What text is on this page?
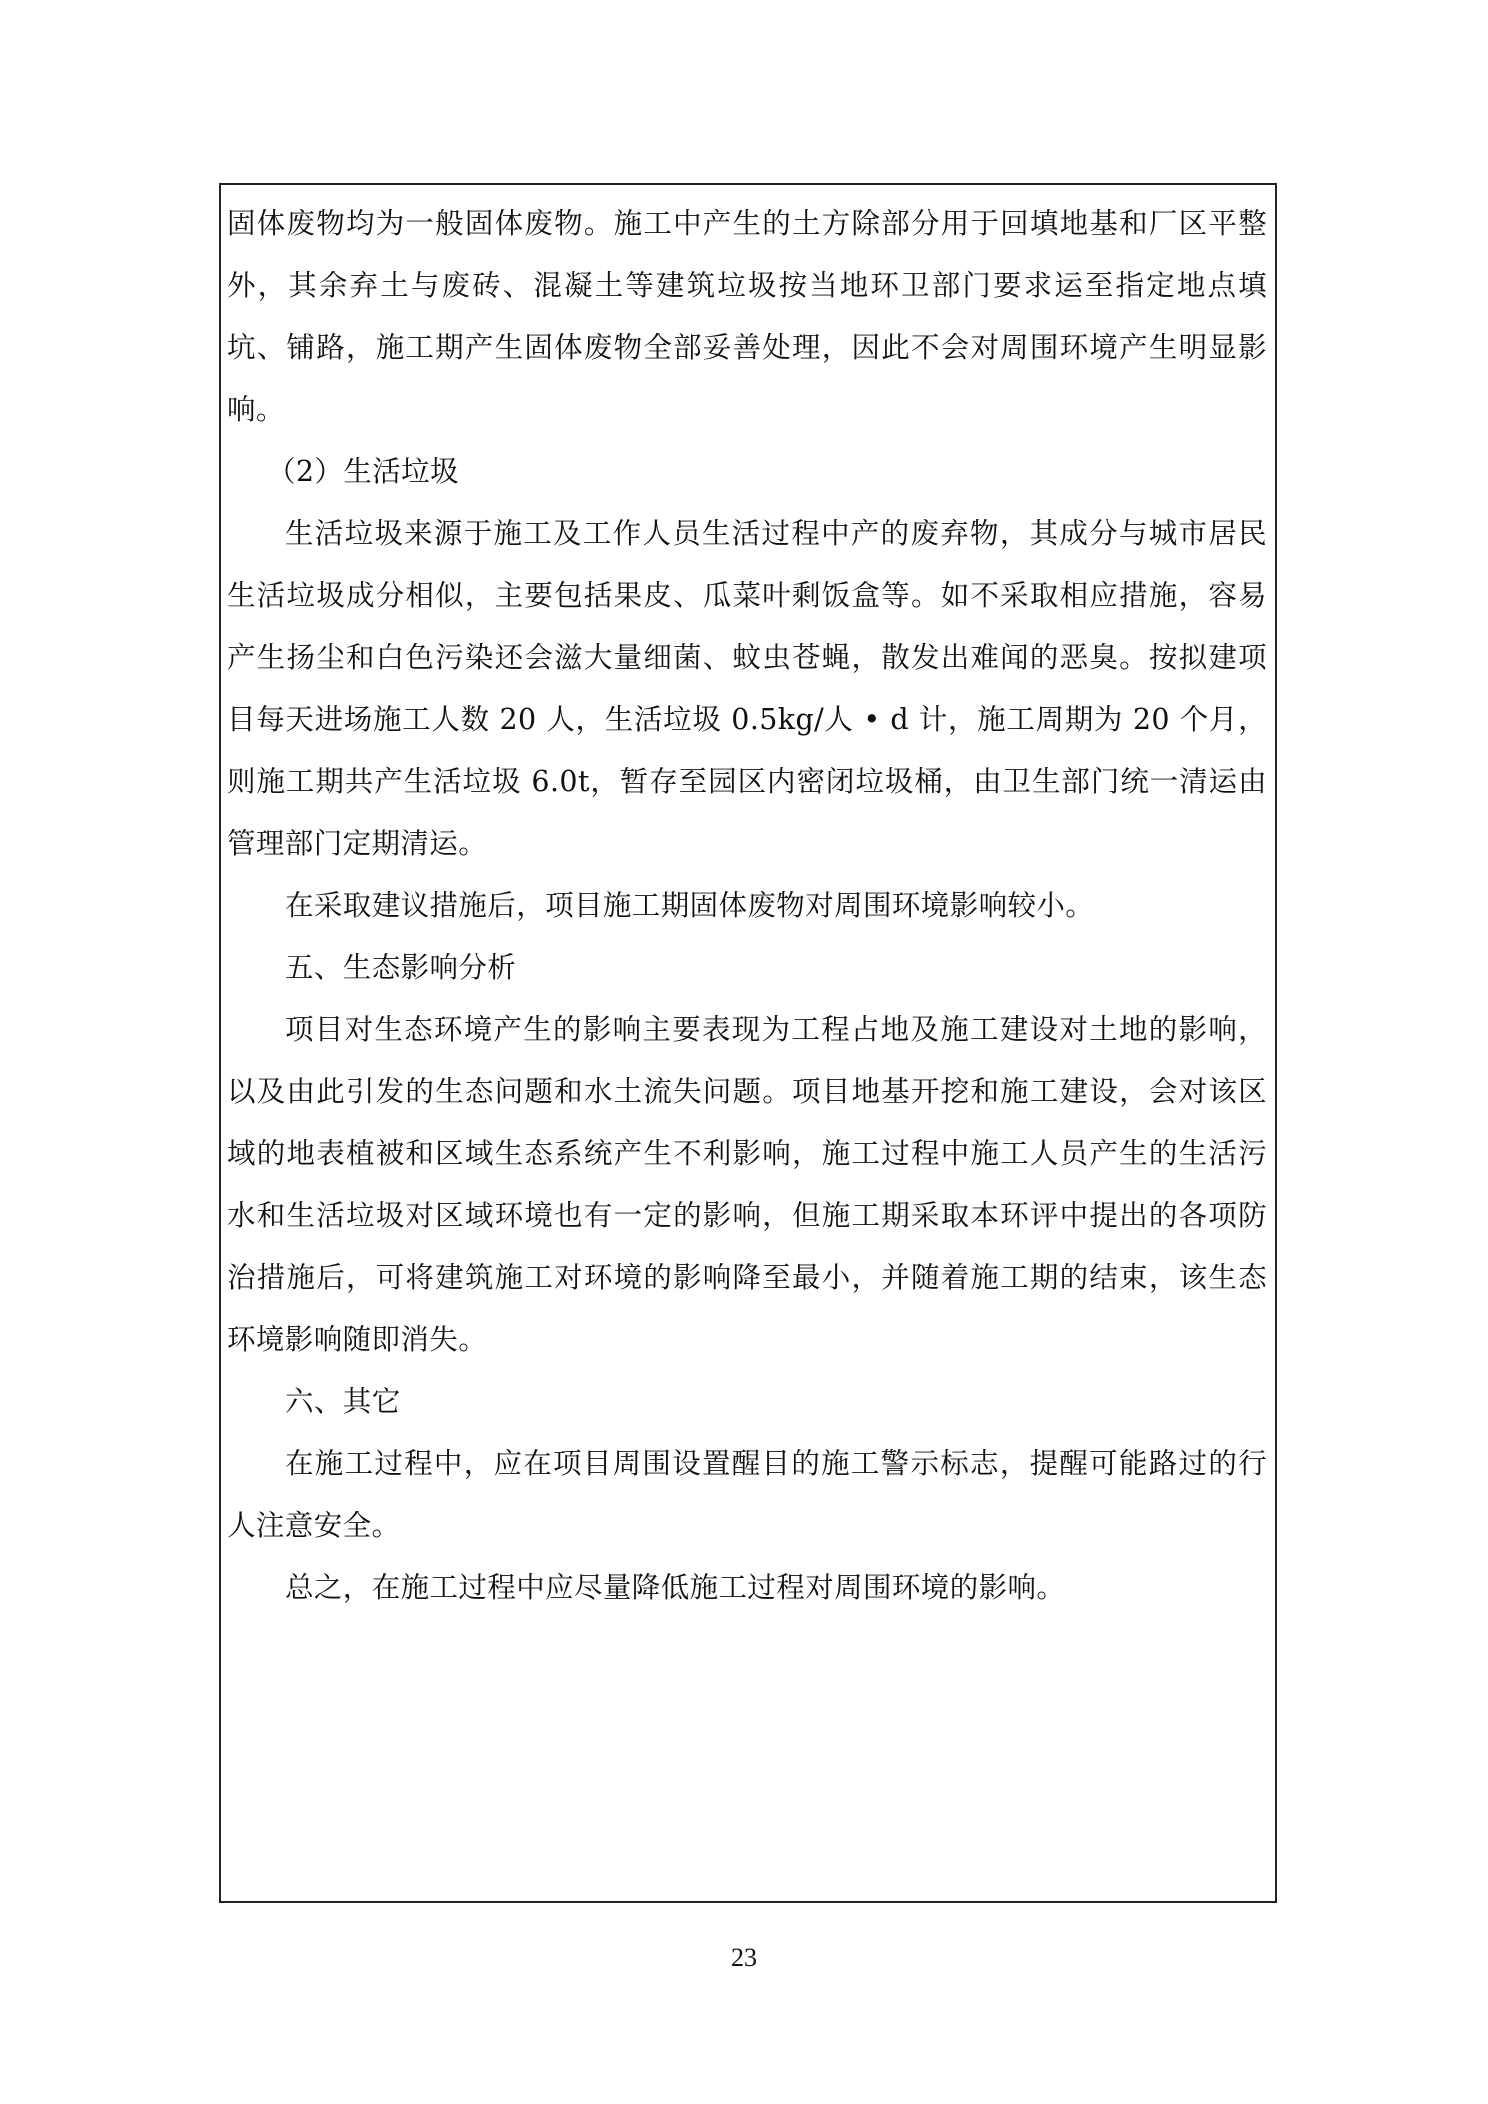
固体废物均为一般固体废物。施工中产生的土方除部分用于回填地基和厂区平整外，其余弃土与废砖、混凝土等建筑垃圾按当地环卫部门要求运至指定地点填坑、铺路，施工期产生固体废物全部妥善处理，因此不会对周围环境产生明显影响。

（2）生活垃圾

生活垃圾来源于施工及工作人员生活过程中产的废弃物，其成分与城市居民生活垃圾成分相似，主要包括果皮、瓜菜叶剩饭盒等。如不采取相应措施，容易产生扬尘和白色污染还会滋大量细菌、蚊虫苍蝇，散发出难闻的恶臭。按拟建项目每天进场施工人数 20 人，生活垃圾 0.5kg/人 • d 计，施工周期为 20 个月，则施工期共产生活垃圾 6.0t，暂存至园区内密闭垃圾桶，由卫生部门统一清运由管理部门定期清运。

在采取建议措施后，项目施工期固体废物对周围环境影响较小。

五、生态影响分析

项目对生态环境产生的影响主要表现为工程占地及施工建设对土地的影响，以及由此引发的生态问题和水土流失问题。项目地基开挖和施工建设，会对该区域的地表植被和区域生态系统产生不利影响，施工过程中施工人员产生的生活污水和生活垃圾对区域环境也有一定的影响，但施工期采取本环评中提出的各项防治措施后，可将建筑施工对环境的影响降至最小，并随着施工期的结束，该生态环境影响随即消失。

六、其它

在施工过程中，应在项目周围设置醒目的施工警示标志，提醒可能路过的行人注意安全。

总之，在施工过程中应尽量降低施工过程对周围环境的影响。

23
